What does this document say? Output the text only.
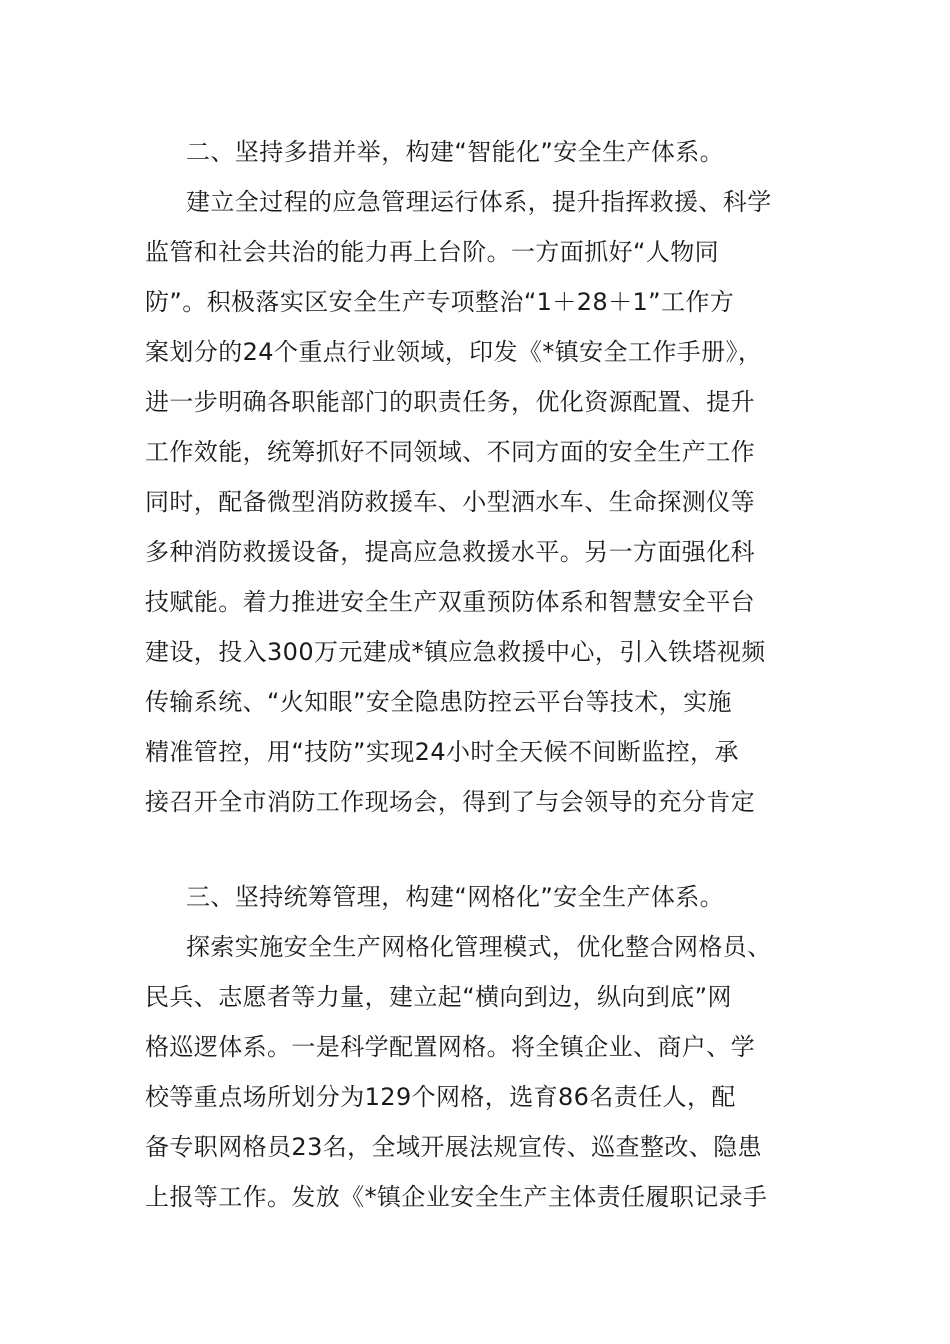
二、坚持多措并举，构建“智能化”安全生产体系。
建立全过程的应急管理运行体系，提升指挥救援、科学
监管和社会共治的能力再上台阶。一方面抓好“人物同
防”。积极落实区安全生产专项整治“1＋28＋1”工作方
案划分的24个重点行业领域，印发《*镇安全工作手册》，
进一步明确各职能部门的职责任务，优化资源配置、提升
工作效能，统筹抓好不同领域、不同方面的安全生产工作
同时，配备微型消防救援车、小型洒水车、生命探测仪等
多种消防救援设备，提高应急救援水平。另一方面强化科
技赋能。着力推进安全生产双重预防体系和智慧安全平台
建设，投入300万元建成*镇应急救援中心，引入铁塔视频
传输系统、“火知眼”安全隐患防控云平台等技术，实施
精准管控，用“技防”实现24小时全天候不间断监控，承
接召开全市消防工作现场会，得到了与会领导的充分肯定
三、坚持统筹管理，构建“网格化”安全生产体系。
探索实施安全生产网格化管理模式，优化整合网格员、
民兵、志愿者等力量，建立起“横向到边，纵向到底”网
格巡逻体系。一是科学配置网格。将全镇企业、商户、学
校等重点场所划分为129个网格，选育86名责任人，配
备专职网格员23名，全域开展法规宣传、巡查整改、隐患
上报等工作。发放《*镇企业安全生产主体责任履职记录手
